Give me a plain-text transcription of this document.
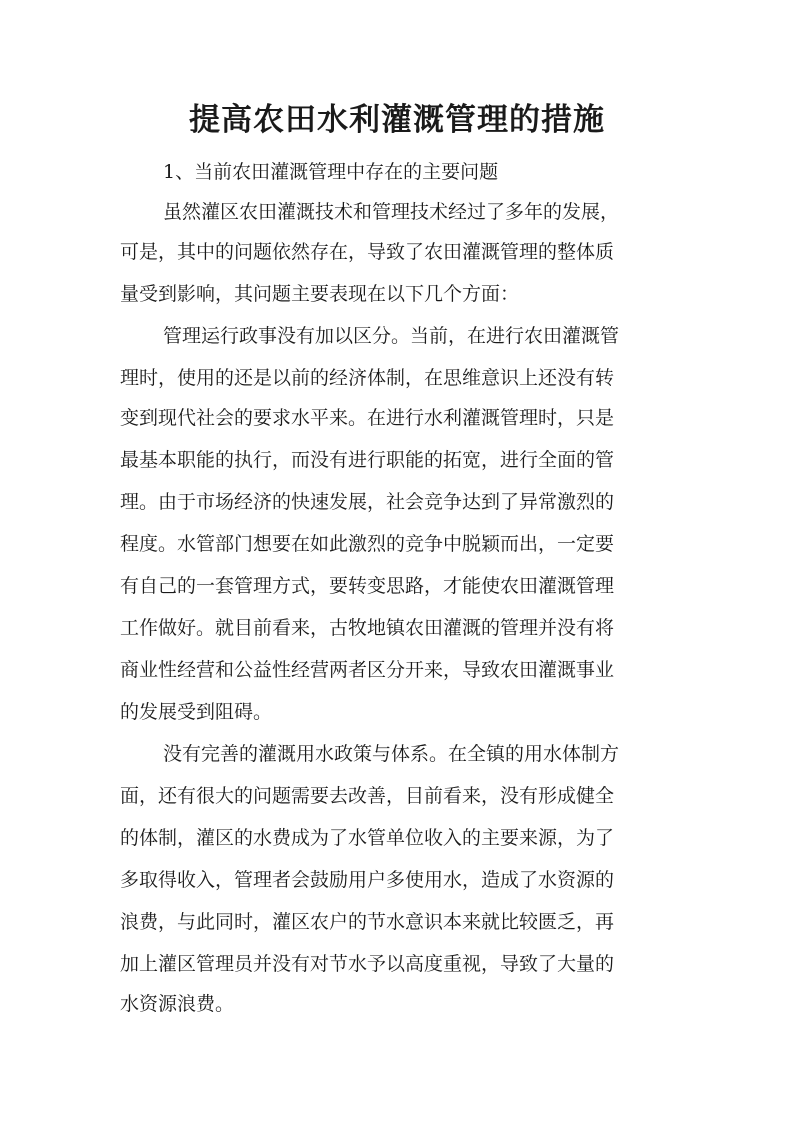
提高农田水利灌溉管理的措施

1、当前农田灌溉管理中存在的主要问题

虽然灌区农田灌溉技术和管理技术经过了多年的发展，

可是，其中的问题依然存在，导致了农田灌溉管理的整体质

量受到影响，其问题主要表现在以下几个方面：

管理运行政事没有加以区分。当前，在进行农田灌溉管

理时，使用的还是以前的经济体制，在思维意识上还没有转

变到现代社会的要求水平来。在进行水利灌溉管理时，只是

最基本职能的执行，而没有进行职能的拓宽，进行全面的管

理。由于市场经济的快速发展，社会竞争达到了异常激烈的

程度。水管部门想要在如此激烈的竞争中脱颖而出，一定要

有自己的一套管理方式，要转变思路，才能使农田灌溉管理

工作做好。就目前看来，古牧地镇农田灌溉的管理并没有将

商业性经营和公益性经营两者区分开来，导致农田灌溉事业

的发展受到阻碍。

没有完善的灌溉用水政策与体系。在全镇的用水体制方

面，还有很大的问题需要去改善，目前看来，没有形成健全

的体制，灌区的水费成为了水管单位收入的主要来源，为了

多取得收入，管理者会鼓励用户多使用水，造成了水资源的

浪费，与此同时，灌区农户的节水意识本来就比较匮乏，再

加上灌区管理员并没有对节水予以高度重视，导致了大量的

水资源浪费。
